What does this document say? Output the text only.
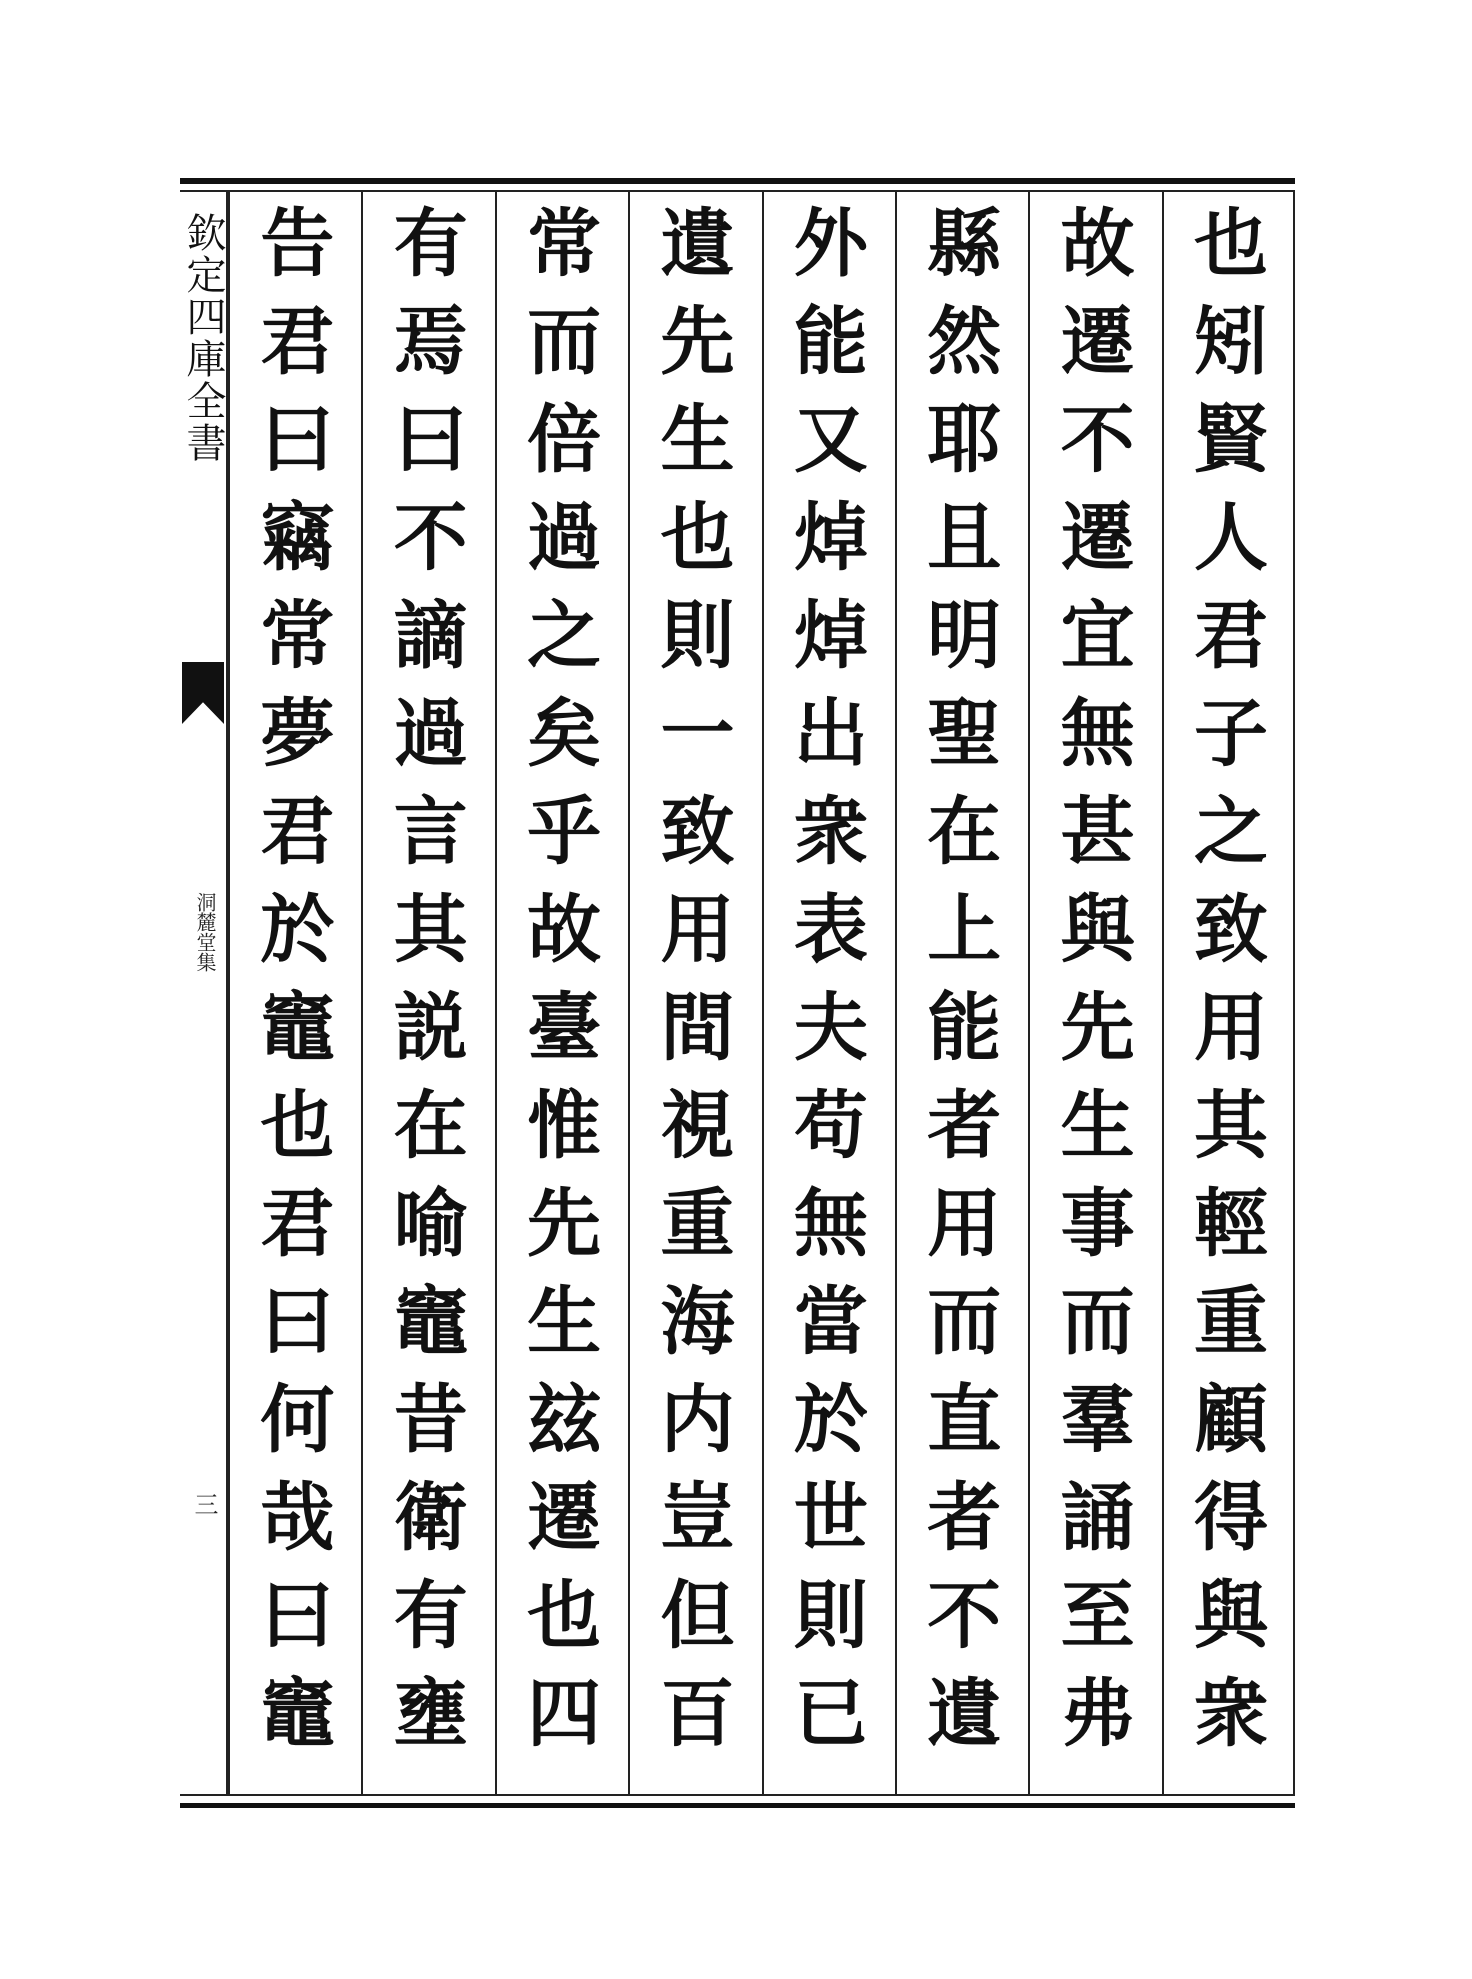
欽定四庫全書
洞麓堂集
三
也矧賢人君子之致用其輕重顧得與衆
故遷不遷宜無甚與先生事而羣誦至弗
縣然耶且明聖在上能者用而直者不遺
外能又焯焯出衆表夫苟無當於世則已
遺先生也則一致用間視重海内豈但百
常而倍過之矣乎故臺惟先生玆遷也四
有焉曰不謫過言其説在喻竈昔衛有壅
告君曰竊常夢君於竈也君曰何哉曰竈
